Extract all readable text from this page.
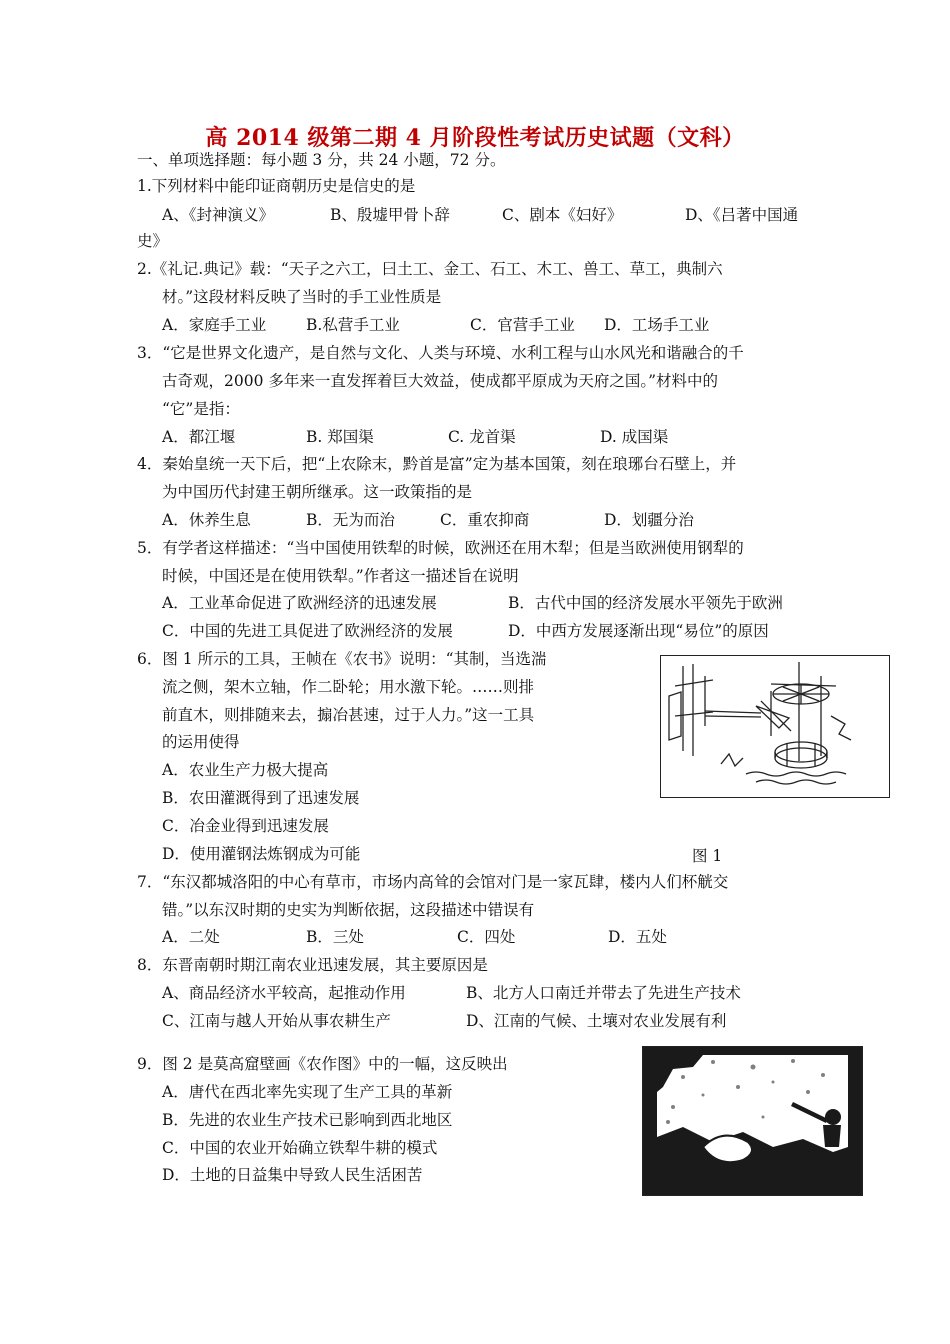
高 2014 级第二期 4 月阶段性考试历史试题（文科）
一、单项选择题：每小题 3 分，共 24 小题，72 分。
1.下列材料中能印证商朝历史是信史的是
A、《封神演义》	B、殷墟甲骨卜辞	C、剧本《妇好》	D、《吕著中国通
史》
2.《礼记.典记》载：“天子之六工，曰土工、金工、石工、木工、兽工、草工，典制六
材。”这段材料反映了当时的手工业性质是
A．家庭手工业	B.私营手工业	C．官营手工业 D．工场手工业
3．“它是世界文化遗产，是自然与文化、人类与环境、水利工程与山水风光和谐融合的千
古奇观，2000 多年来一直发挥着巨大效益，使成都平原成为天府之国。”材料中的
“它”是指：
A．都江堰	B. 郑国渠	C. 龙首渠	D. 成国渠
4．秦始皇统一天下后，把“上农除末，黔首是富”定为基本国策，刻在琅琊台石壁上，并
为中国历代封建王朝所继承。这一政策指的是
A．休养生息	B．无为而治	C．重农抑商	D．划疆分治
5．有学者这样描述：“当中国使用铁犁的时候，欧洲还在用木犁；但是当欧洲使用钢犁的
时候，中国还是在使用铁犁。”作者这一描述旨在说明
A．工业革命促进了欧洲经济的迅速发展	B．古代中国的经济发展水平领先于欧洲
C．中国的先进工具促进了欧洲经济的发展	D．中西方发展逐渐出现“易位”的原因
6．图 1 所示的工具，王帧在《农书》说明：“其制，当选湍
流之侧，架木立轴，作二卧轮；用水激下轮。……则排
前直木，则排随来去，搧冶甚速，过于人力。”这一工具
的运用使得
A．农业生产力极大提高
B．农田灌溉得到了迅速发展
C．冶金业得到迅速发展
D．使用灌钢法炼钢成为可能	图 1
7．“东汉都城洛阳的中心有草市，市场内高耸的会馆对门是一家瓦肆，楼内人们杯觥交
错。”以东汉时期的史实为判断依据，这段描述中错误有
A．二处	B．三处	C．四处	D．五处
8．东晋南朝时期江南农业迅速发展，其主要原因是
A、商品经济水平较高，起推动作用	B、北方人口南迁并带去了先进生产技术
C、江南与越人开始从事农耕生产	D、江南的气候、土壤对农业发展有利
9．图 2 是莫高窟壁画《农作图》中的一幅，这反映出
A．唐代在西北率先实现了生产工具的革新
B．先进的农业生产技术已影响到西北地区
C．中国的农业开始确立铁犁牛耕的模式
D．土地的日益集中导致人民生活困苦
